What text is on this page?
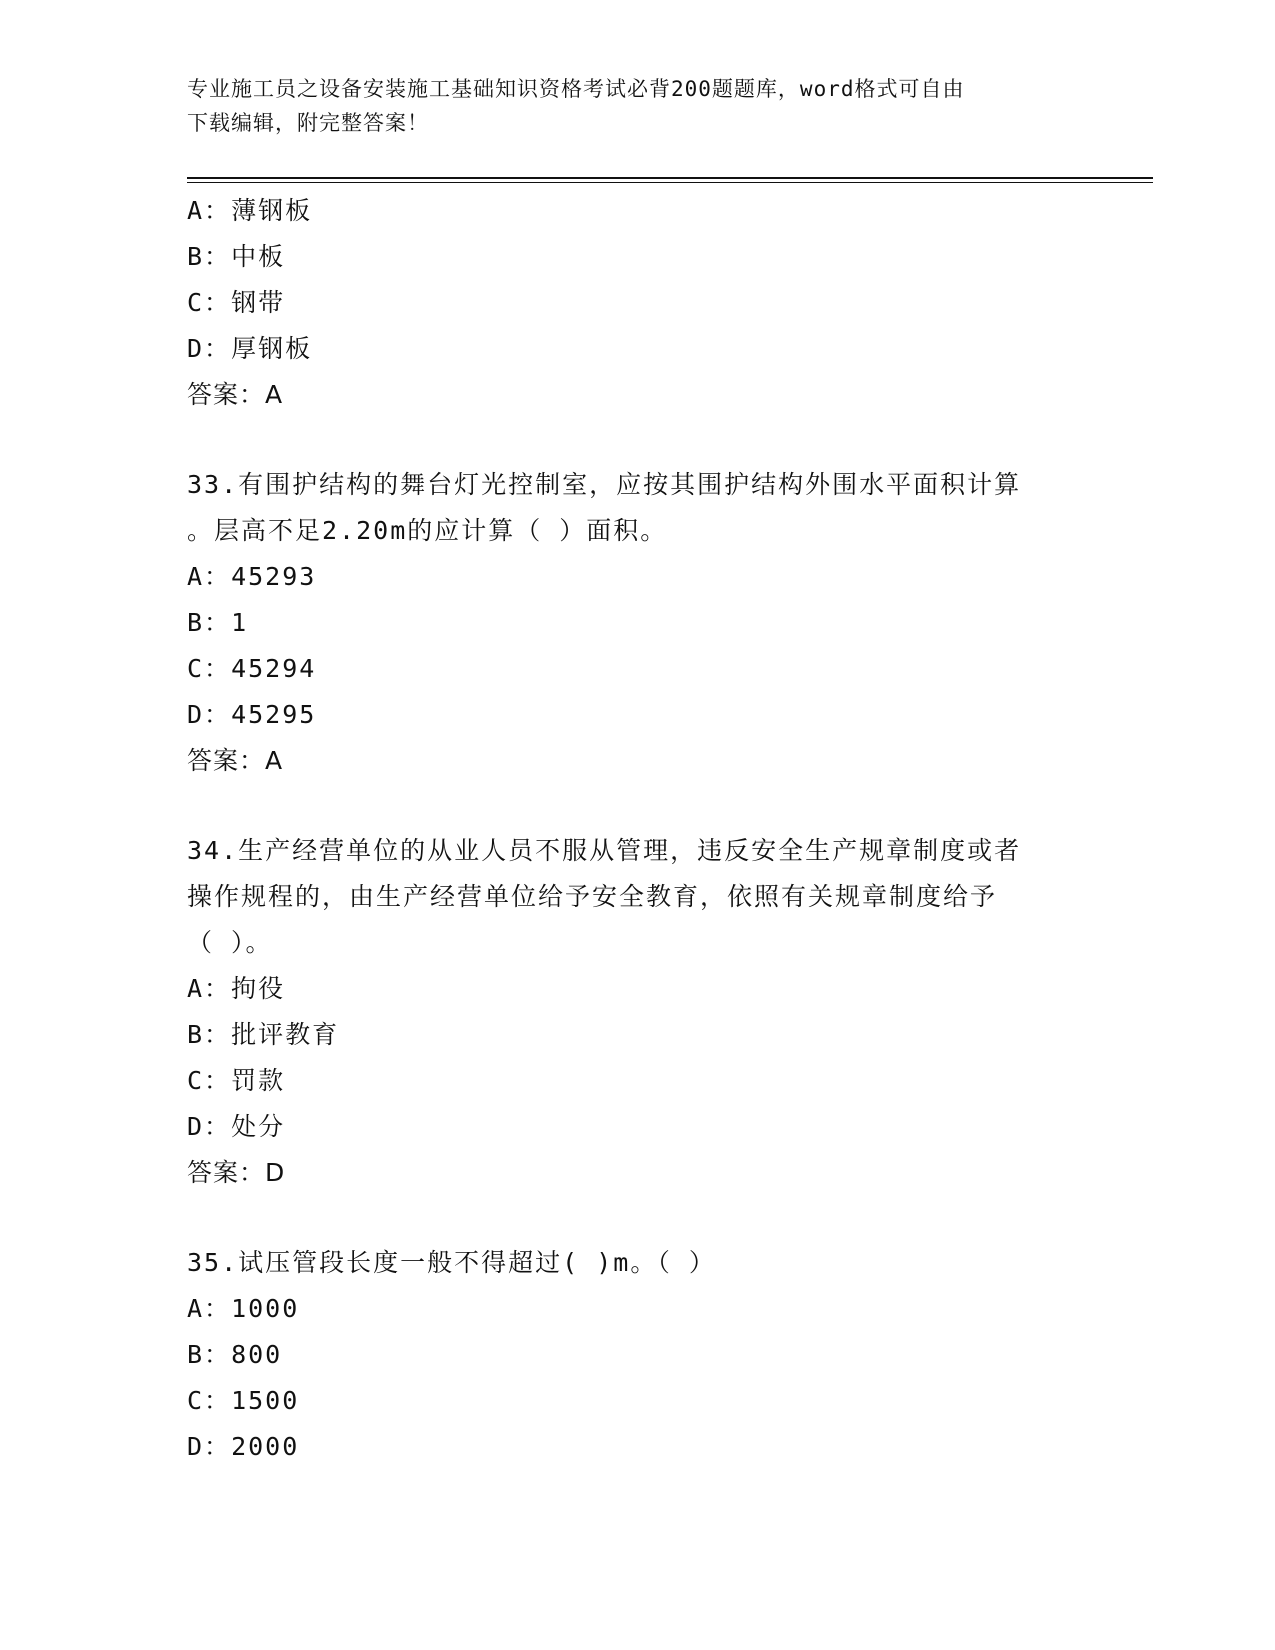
专业施工员之设备安装施工基础知识资格考试必背200题题库，word格式可自由
下载编辑，附完整答案！
A：薄钢板
B：中板
C：钢带
D：厚钢板
答案：A
33.有围护结构的舞台灯光控制室，应按其围护结构外围水平面积计算
。层高不足2.20m的应计算（ ）面积。
A：45293
B：1
C：45294
D：45295
答案：A
34.生产经营单位的从业人员不服从管理，违反安全生产规章制度或者
操作规程的，由生产经营单位给予安全教育，依照有关规章制度给予
（ ）。
A：拘役
B：批评教育
C：罚款
D：处分
答案：D
35.试压管段长度一般不得超过( )m。（ ）
A：1000
B：800
C：1500
D：2000
